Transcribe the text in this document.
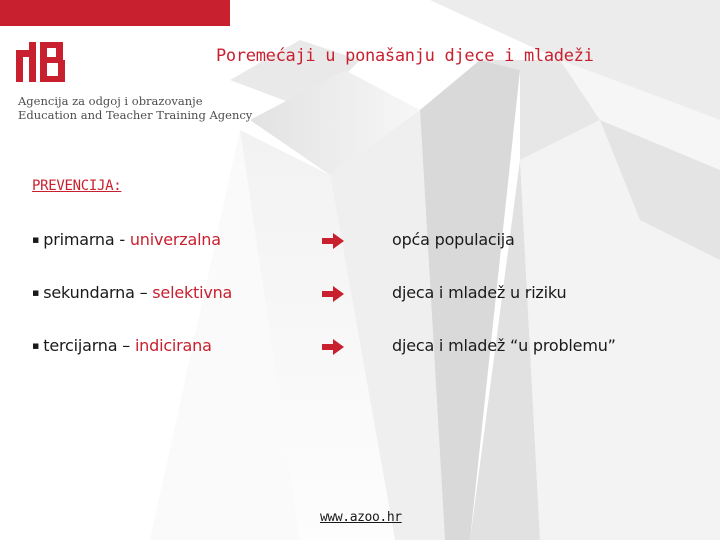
Agencija za odgoj i obrazovanje
Education and Teacher Training Agency
Poremećaji u ponašanju djece i mladeži
PREVENCIJA:
▪ primarna - univerzalna	opća populacija
▪ sekundarna – selektivna	djeca i mladež u riziku
▪ tercijarna – indicirana	djeca i mladež “u problemu”
www.azoo.hr
